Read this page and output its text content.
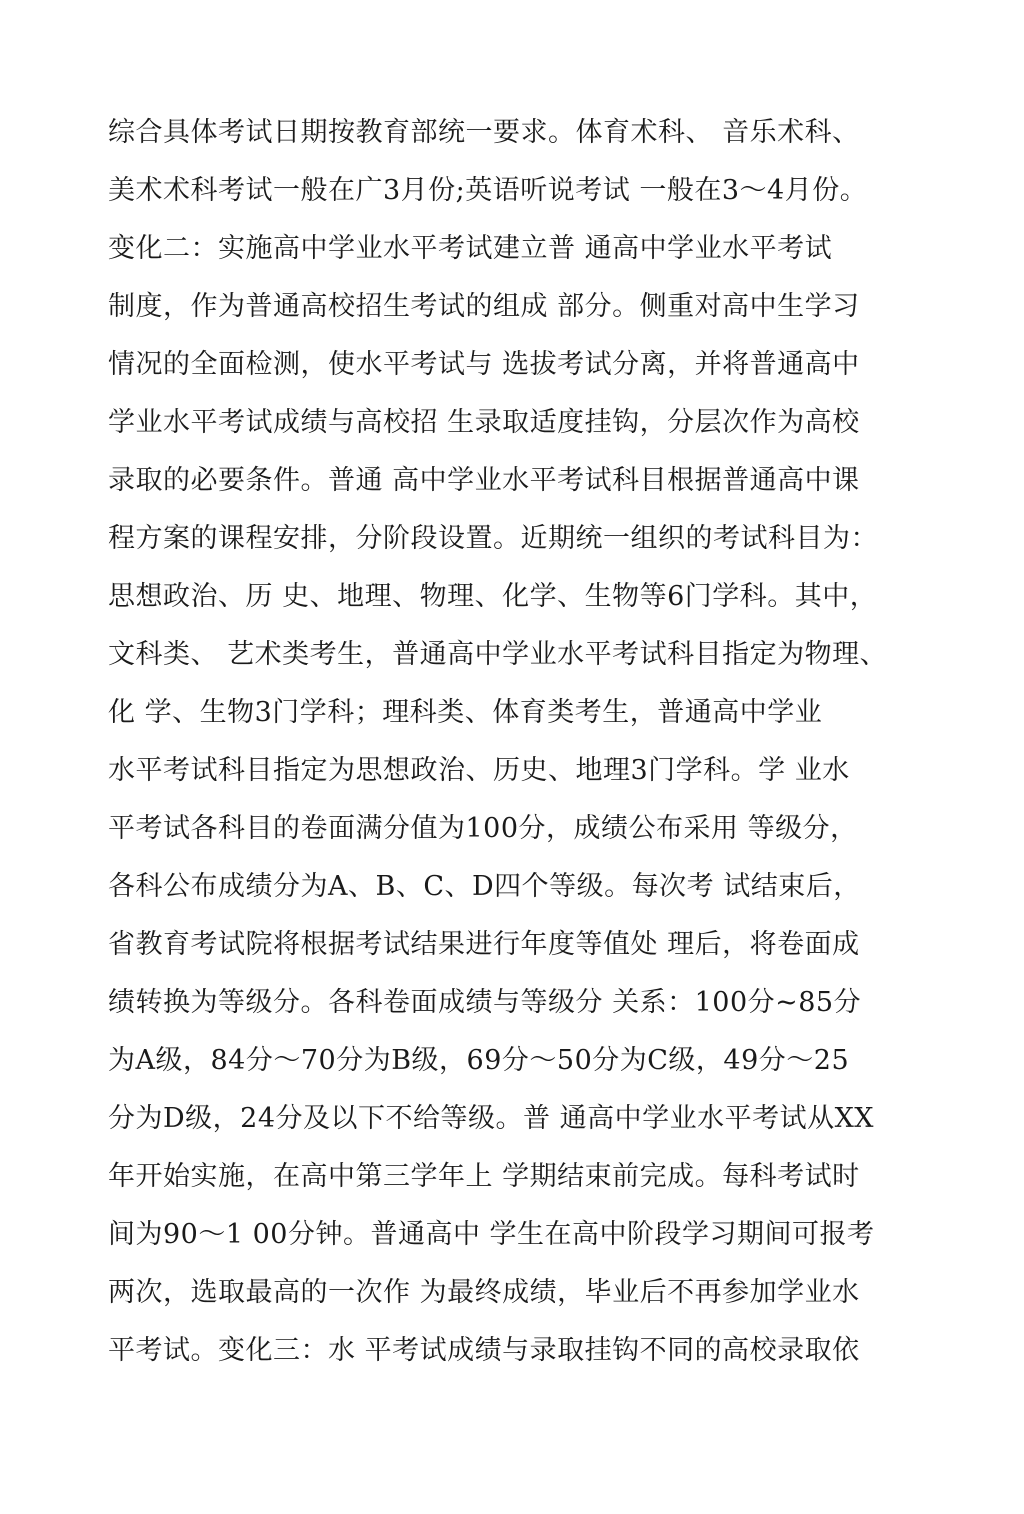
综合具体考试日期按教育部统一要求。体育术科、 音乐术科、
美术术科考试一般在广3月份;英语听说考试 一般在3～4月份。
变化二：实施高中学业水平考试建立普 通高中学业水平考试
制度，作为普通高校招生考试的组成 部分。侧重对高中生学习
情况的全面检测，使水平考试与 选拔考试分离，并将普通高中
学业水平考试成绩与高校招 生录取适度挂钩，分层次作为高校
录取的必要条件。普通 高中学业水平考试科目根据普通高中课
程方案的课程安排，分阶段设置。近期统一组织的考试科目为：
思想政治、历 史、地理、物理、化学、生物等6门学科。其中，
文科类、 艺术类考生，普通高中学业水平考试科目指定为物理、
化 学、生物3门学科；理科类、体育类考生，普通高中学业
水平考试科目指定为思想政治、历史、地理3门学科。学 业水
平考试各科目的卷面满分值为100分，成绩公布采用 等级分，
各科公布成绩分为A、B、C、D四个等级。每次考 试结束后，
省教育考试院将根据考试结果进行年度等值处 理后，将卷面成
绩转换为等级分。各科卷面成绩与等级分 关系：100分~85分
为A级，84分～70分为B级，69分～50分为C级，49分～25
分为D级，24分及以下不给等级。普 通高中学业水平考试从XX
年开始实施，在高中第三学年上 学期结束前完成。每科考试时
间为90～1 00分钟。普通高中 学生在高中阶段学习期间可报考
两次，选取最高的一次作 为最终成绩，毕业后不再参加学业水
平考试。变化三：水 平考试成绩与录取挂钩不同的高校录取依
